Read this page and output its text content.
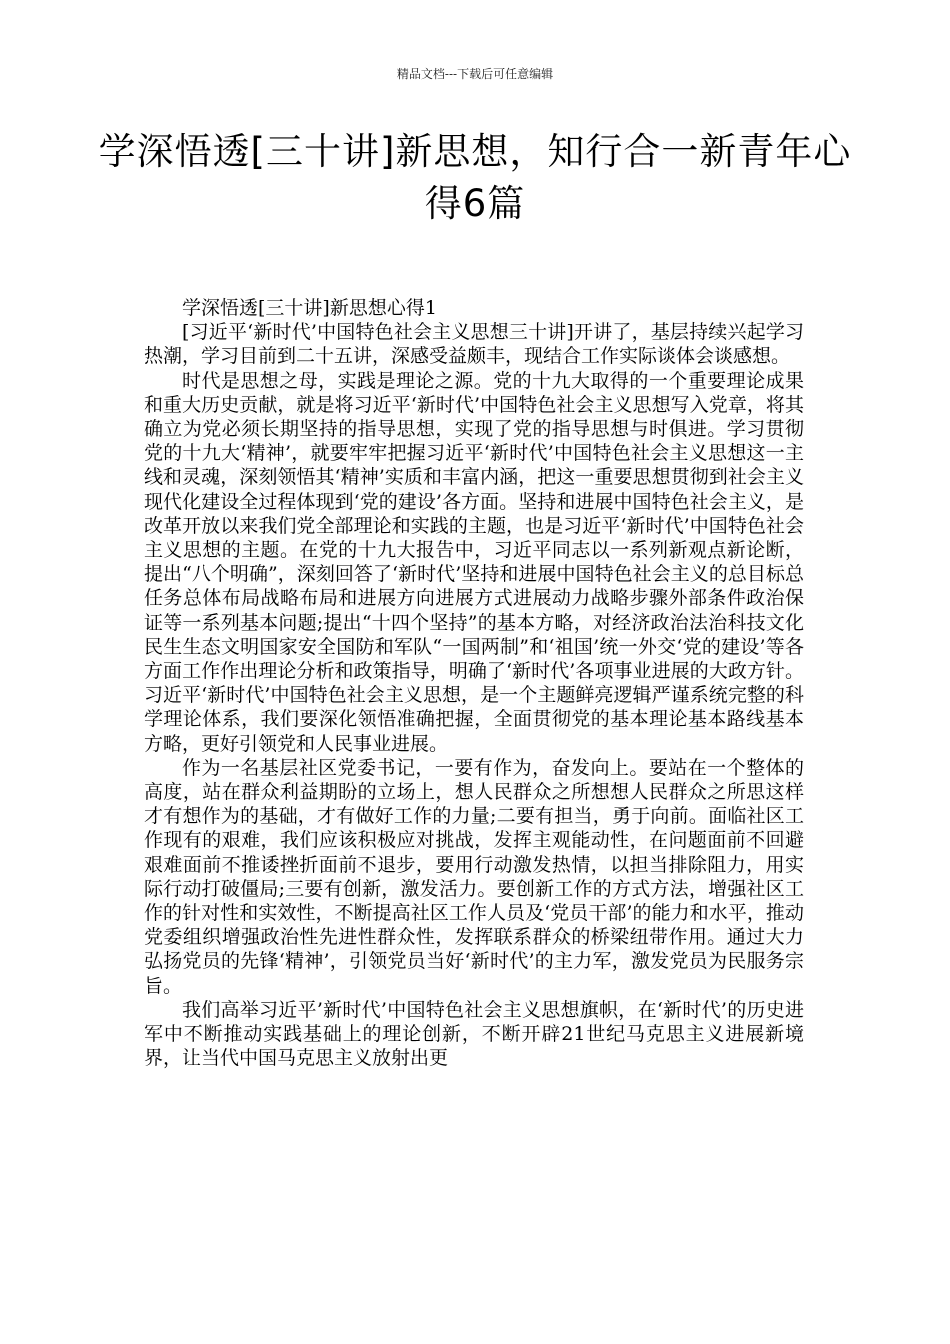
精品文档---下载后可任意编辑
学深悟透[三十讲]新思想，知行合一新青年心得6篇

学深悟透[三十讲]新思想心得1

[习近平‘新时代’中国特色社会主义思想三十讲]开讲了，基层持续兴起学习热潮，学习目前到二十五讲，深感受益颇丰，现结合工作实际谈体会谈感想。

时代是思想之母，实践是理论之源。党的十九大取得的一个重要理论成果和重大历史贡献，就是将习近平‘新时代’中国特色社会主义思想写入党章，将其确立为党必须长期坚持的指导思想，实现了党的指导思想与时俱进。学习贯彻党的十九大‘精神’，就要牢牢把握习近平‘新时代’中国特色社会主义思想这一主线和灵魂，深刻领悟其‘精神’实质和丰富内涵，把这一重要思想贯彻到社会主义现代化建设全过程体现到‘党的建设’各方面。坚持和进展中国特色社会主义，是改革开放以来我们党全部理论和实践的主题，也是习近平‘新时代’中国特色社会主义思想的主题。在党的十九大报告中，习近平同志以一系列新观点新论断，提出“八个明确”，深刻回答了‘新时代’坚持和进展中国特色社会主义的总目标总任务总体布局战略布局和进展方向进展方式进展动力战略步骤外部条件政治保证等一系列基本问题;提出“十四个坚持”的基本方略，对经济政治法治科技文化民生生态文明国家安全国防和军队“一国两制”和‘祖国’统一外交‘党的建设’等各方面工作作出理论分析和政策指导，明确了‘新时代’各项事业进展的大政方针。习近平‘新时代’中国特色社会主义思想，是一个主题鲜亮逻辑严谨系统完整的科学理论体系，我们要深化领悟准确把握，全面贯彻党的基本理论基本路线基本方略，更好引领党和人民事业进展。

作为一名基层社区党委书记，一要有作为，奋发向上。要站在一个整体的高度，站在群众利益期盼的立场上，想人民群众之所想想人民群众之所思这样才有想作为的基础，才有做好工作的力量;二要有担当，勇于向前。面临社区工作现有的艰难，我们应该积极应对挑战，发挥主观能动性，在问题面前不回避艰难面前不推诿挫折面前不退步，要用行动激发热情，以担当排除阻力，用实际行动打破僵局;三要有创新，激发活力。要创新工作的方式方法，增强社区工作的针对性和实效性，不断提高社区工作人员及‘党员干部’的能力和水平，推动党委组织增强政治性先进性群众性，发挥联系群众的桥梁纽带作用。通过大力弘扬党员的先锋‘精神’，引领党员当好‘新时代’的主力军，激发党员为民服务宗旨。

我们高举习近平’新时代’中国特色社会主义思想旗帜，在‘新时代’的历史进军中不断推动实践基础上的理论创新，不断开辟21世纪马克思主义进展新境界，让当代中国马克思主义放射出更
